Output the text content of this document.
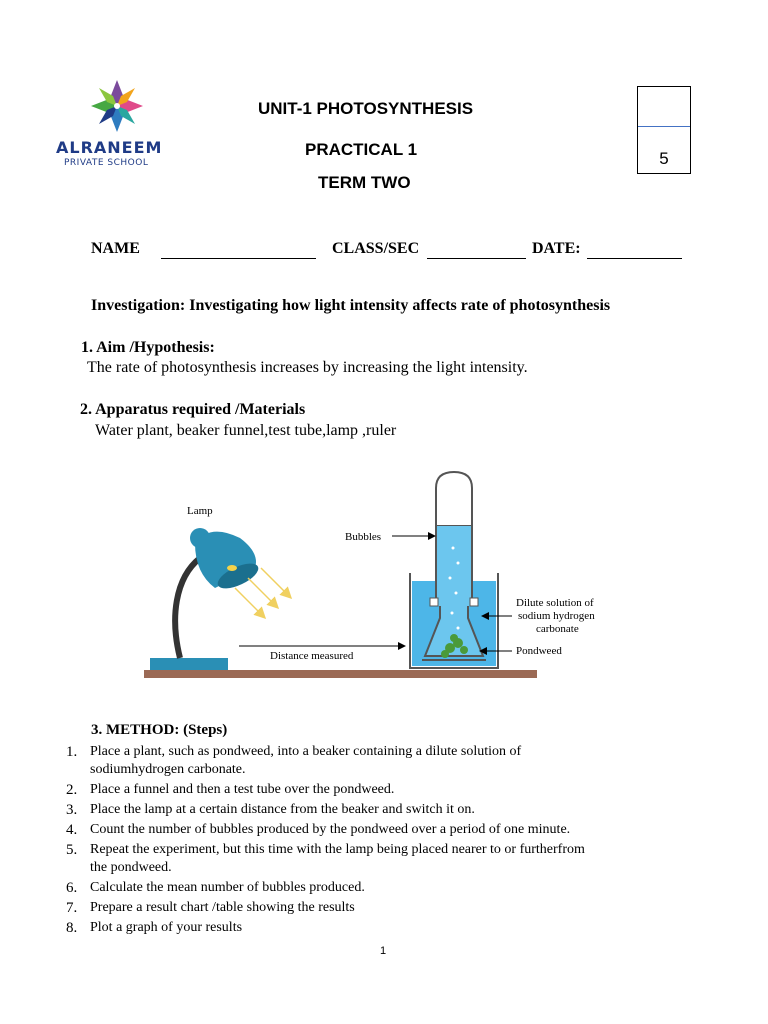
ALRANEEM
PRIVATE SCHOOL
UNIT-1 PHOTOSYNTHESIS
PRACTICAL 1
TERM TWO
5
NAME	CLASS/SEC	DATE:
Investigation: Investigating how light intensity affects rate of photosynthesis
1. Aim /Hypothesis:
The rate of photosynthesis increases by increasing the light intensity.
2. Apparatus required /Materials
Water plant, beaker funnel,test tube,lamp ,ruler
Lamp
Bubbles
Dilute solution of
sodium hydrogen
carbonate
Pondweed
Distance measured
3. METHOD: (Steps)
1. Place a plant, such as pondweed, into a beaker containing a dilute solution of
sodiumhydrogen carbonate.
2. Place a funnel and then a test tube over the pondweed.
3. Place the lamp at a certain distance from the beaker and switch it on.
4. Count the number of bubbles produced by the pondweed over a period of one minute.
5. Repeat the experiment, but this time with the lamp being placed nearer to or furtherfrom
the pondweed.
6. Calculate the mean number of bubbles produced.
7. Prepare a result chart /table showing the results
8. Plot a graph of your results
1
